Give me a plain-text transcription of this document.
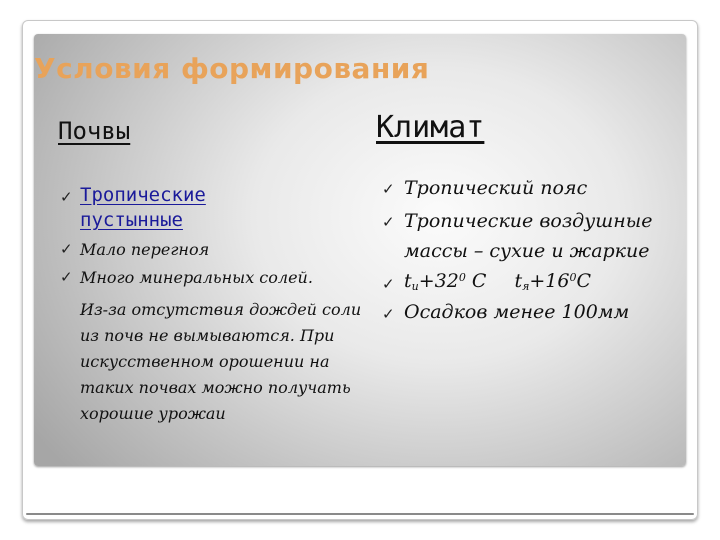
Условия формирования
Почвы
✓ Тропические
пустынные
✓ Мало перегноя
✓ Много минеральных солей.
Из-за отсутствия дождей соли
из почв не вымываются. При
искусственном орошении на
таких почвах можно получать
хорошие урожаи
Климат
✓ Тропический пояс
✓ Тропические воздушные
массы – сухие и жаркие
✓ $tи+32^0$ С $tя+16^0С$
✓ Осадков менее 100мм
